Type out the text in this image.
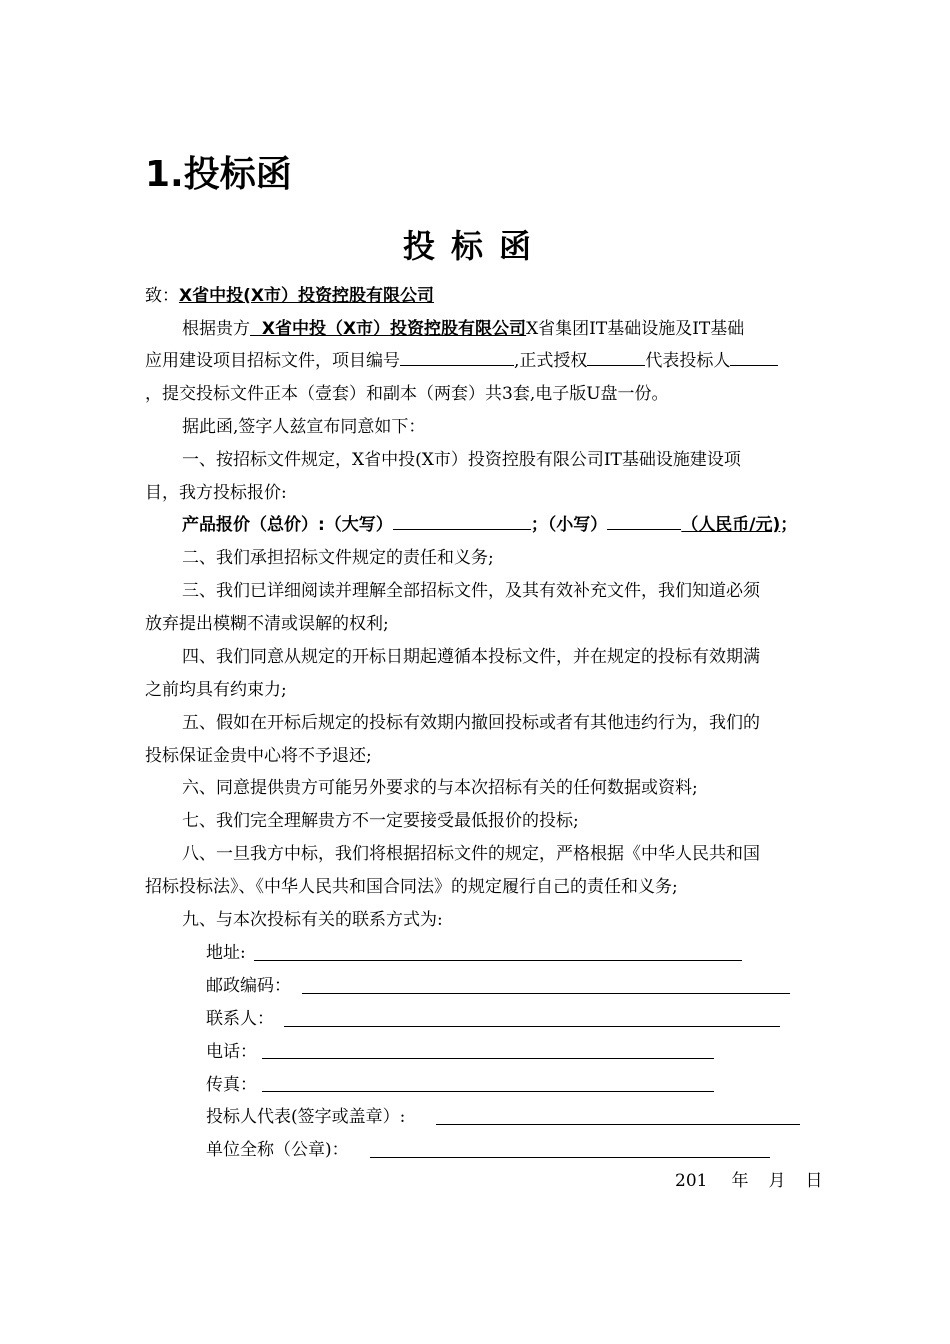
1.投标函
投标函
致：X省中投(X市）投资控股有限公司
根据贵方  X省中投（X市）投资控股有限公司X省集团IT基础设施及IT基础
应用建设项目招标文件，项目编号	,正式授权	代表投标人
，提交投标文件正本（壹套）和副本（两套）共3套,电子版U盘一份。
据此函,签字人兹宣布同意如下：
一、按招标文件规定，X省中投(X市）投资控股有限公司IT基础设施建设项
目，我方投标报价:
产品报价（总价）:（大写）	；（小写）	（人民币/元)；
二、我们承担招标文件规定的责任和义务;
三、我们已详细阅读并理解全部招标文件，及其有效补充文件，我们知道必须
放弃提出模糊不清或误解的权利;
四、我们同意从规定的开标日期起遵循本投标文件，并在规定的投标有效期满
之前均具有约束力;
五、假如在开标后规定的投标有效期内撤回投标或者有其他违约行为，我们的
投标保证金贵中心将不予退还;
六、同意提供贵方可能另外要求的与本次招标有关的任何数据或资料;
七、我们完全理解贵方不一定要接受最低报价的投标;
八、一旦我方中标，我们将根据招标文件的规定，严格根据《中华人民共和国
招标投标法》、《中华人民共和国合同法》的规定履行自己的责任和义务;
九、与本次投标有关的联系方式为:
地址:
邮政编码：
联系人：
电话：
传真：
投标人代表(签字或盖章）:
单位全称（公章)：
201 年 月 日
